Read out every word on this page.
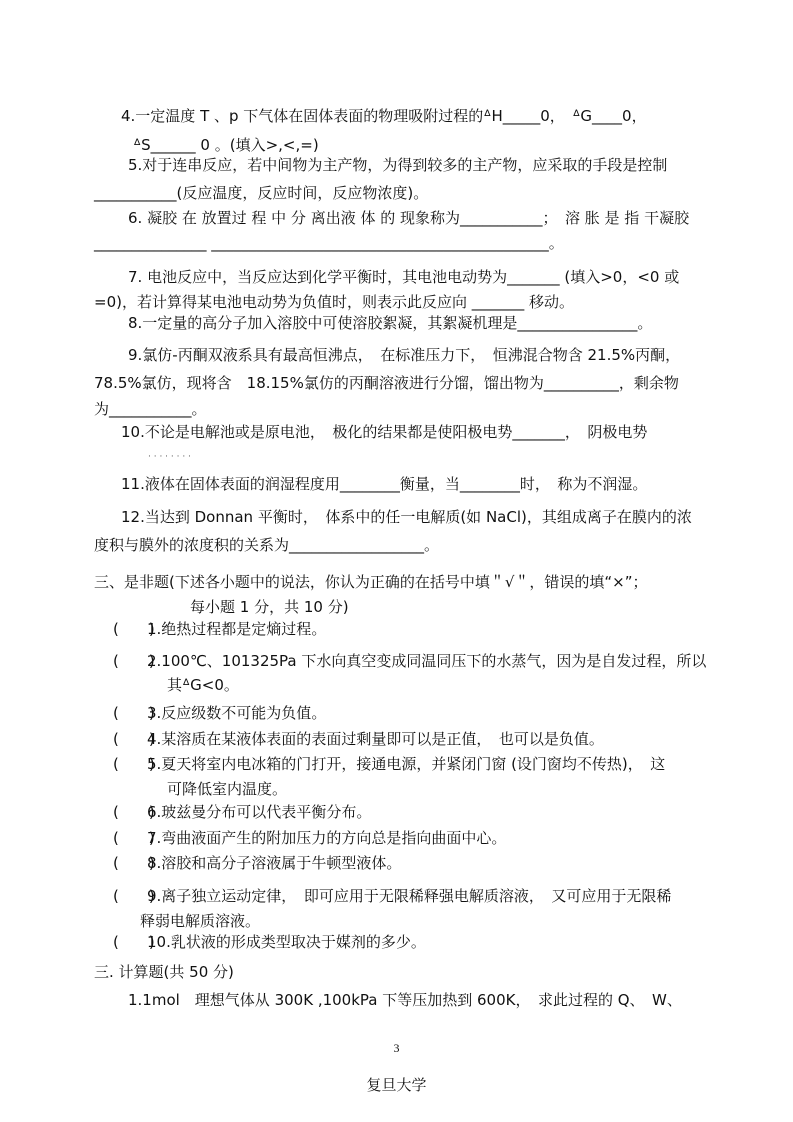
4.一定温度 T 、p 下气体在固体表面的物理吸附过程的ᐞH_____0，　ᐞG____0，
ᐞS______ 0 。(填入>,<,=)
5.对于连串反应，若中间物为主产物，为得到较多的主产物，应采取的手段是控制
___________(反应温度，反应时间，反应物浓度)。
6. 凝胶 在 放置过 程 中 分 离出液 体 的 现象称为___________；　溶 胀 是 指 干凝胶
_______________ _____________________________________________。
7. 电池反应中，当反应达到化学平衡时，其电池电动势为_______ (填入>0，<0 或
=0)，若计算得某电池电动势为负值时，则表示此反应向 _______ 移动。
8.一定量的高分子加入溶胶中可使溶胶絮凝，其絮凝机理是________________。
9.氯仿-丙酮双液系具有最高恒沸点，　在标准压力下，　恒沸混合物含 21.5%丙酮，
78.5%氯仿，现将含　18.15%氯仿的丙酮溶液进行分馏，馏出物为__________，剩余物
为___________。
10.不论是电解池或是原电池，　极化的结果都是使阳极电势_______，　阴极电势
· · · · · · · ·
11.液体在固体表面的润湿程度用________衡量，当________时，　称为不润湿。
12.当达到 Donnan 平衡时，　体系中的任一电解质(如 NaCl)，其组成离子在膜内的浓
度积与膜外的浓度积的关系为__________________。
三、是非题(下述各小题中的说法，你认为正确的在括号中填＂√＂，错误的填“×”；
每小题 1 分，共 10 分)
(　　)1.绝热过程都是定熵过程。
(　　)2.100℃、101325Pa 下水向真空变成同温同压下的水蒸气，因为是自发过程，所以
其ᐞG<0。
(　　)3.反应级数不可能为负值。
(　　)4.某溶质在某液体表面的表面过剩量即可以是正值，　也可以是负值。
(　　)5.夏天将室内电冰箱的门打开，接通电源，并紧闭门窗 (设门窗均不传热)，　这
可降低室内温度。
(　　)6.玻兹曼分布可以代表平衡分布。
(　　)7.弯曲液面产生的附加压力的方向总是指向曲面中心。
(　　)8.溶胶和高分子溶液属于牛顿型液体。
(　　)9.离子独立运动定律，　即可应用于无限稀释强电解质溶液，　又可应用于无限稀
释弱电解质溶液。
(　　)10.乳状液的形成类型取决于媒剂的多少。
三. 计算题(共 50 分)
1.1mol　理想气体从 300K ,100kPa 下等压加热到 600K，　求此过程的 Q、　W、
3
复旦大学
